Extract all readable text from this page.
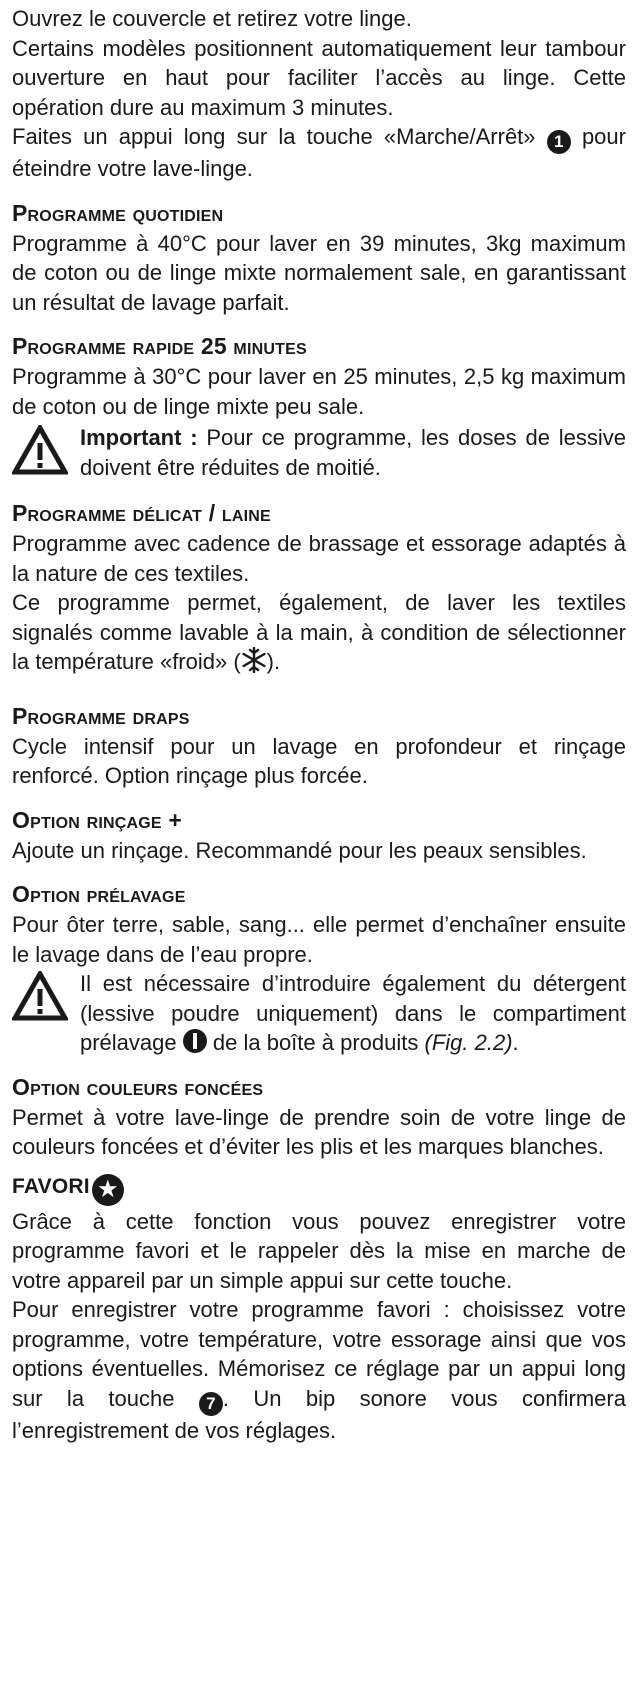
Ouvrez le couvercle et retirez votre linge.

Certains modèles positionnent automatiquement leur tambour ouverture en haut pour faciliter l’accès au linge. Cette opération dure au maximum 3 minutes.

Faites un appui long sur la touche «Marche/Arrêt» 1 pour éteindre votre lave-linge.

Programme quotidien

Programme à 40°C pour laver en 39 minutes, 3kg maximum de coton ou de linge mixte normalement sale, en garantissant un résultat de lavage parfait.

Programme rapide 25 minutes

Programme à 30°C pour laver en 25 minutes, 2,5 kg maximum de coton ou de linge mixte peu sale.

Important : Pour ce programme, les doses de lessive doivent être réduites de moitié.

Programme délicat / laine

Programme avec cadence de brassage et essorage adaptés à la nature de ces textiles.

Ce programme permet, également, de laver les textiles signalés comme lavable à la main, à condition de sélectionner la température «froid» ( ).

Programme draps

Cycle intensif pour un lavage en profondeur et rinçage renforcé. Option rinçage plus forcée.

Option rinçage +

Ajoute un rinçage. Recommandé pour les peaux sensibles.

Option prélavage

Pour ôter terre, sable, sang... elle permet d’enchaîner ensuite le lavage dans de l’eau propre.

Il est nécessaire d’introduire également du détergent (lessive poudre uniquement) dans le compartiment prélavage de la boîte à produits (Fig. 2.2).

Option couleurs foncées

Permet à votre lave-linge de prendre soin de votre linge de couleurs foncées et d’éviter les plis et les marques blanches.

FAVORI ★

Grâce à cette fonction vous pouvez enregistrer votre programme favori et le rappeler dès la mise en marche de votre appareil par un simple appui sur cette touche.

Pour enregistrer votre programme favori : choisissez votre programme, votre température, votre essorage ainsi que vos options éventuelles. Mémorisez ce réglage par un appui long sur la touche 7 . Un bip sonore vous confirmera l’enregistrement de vos réglages.
